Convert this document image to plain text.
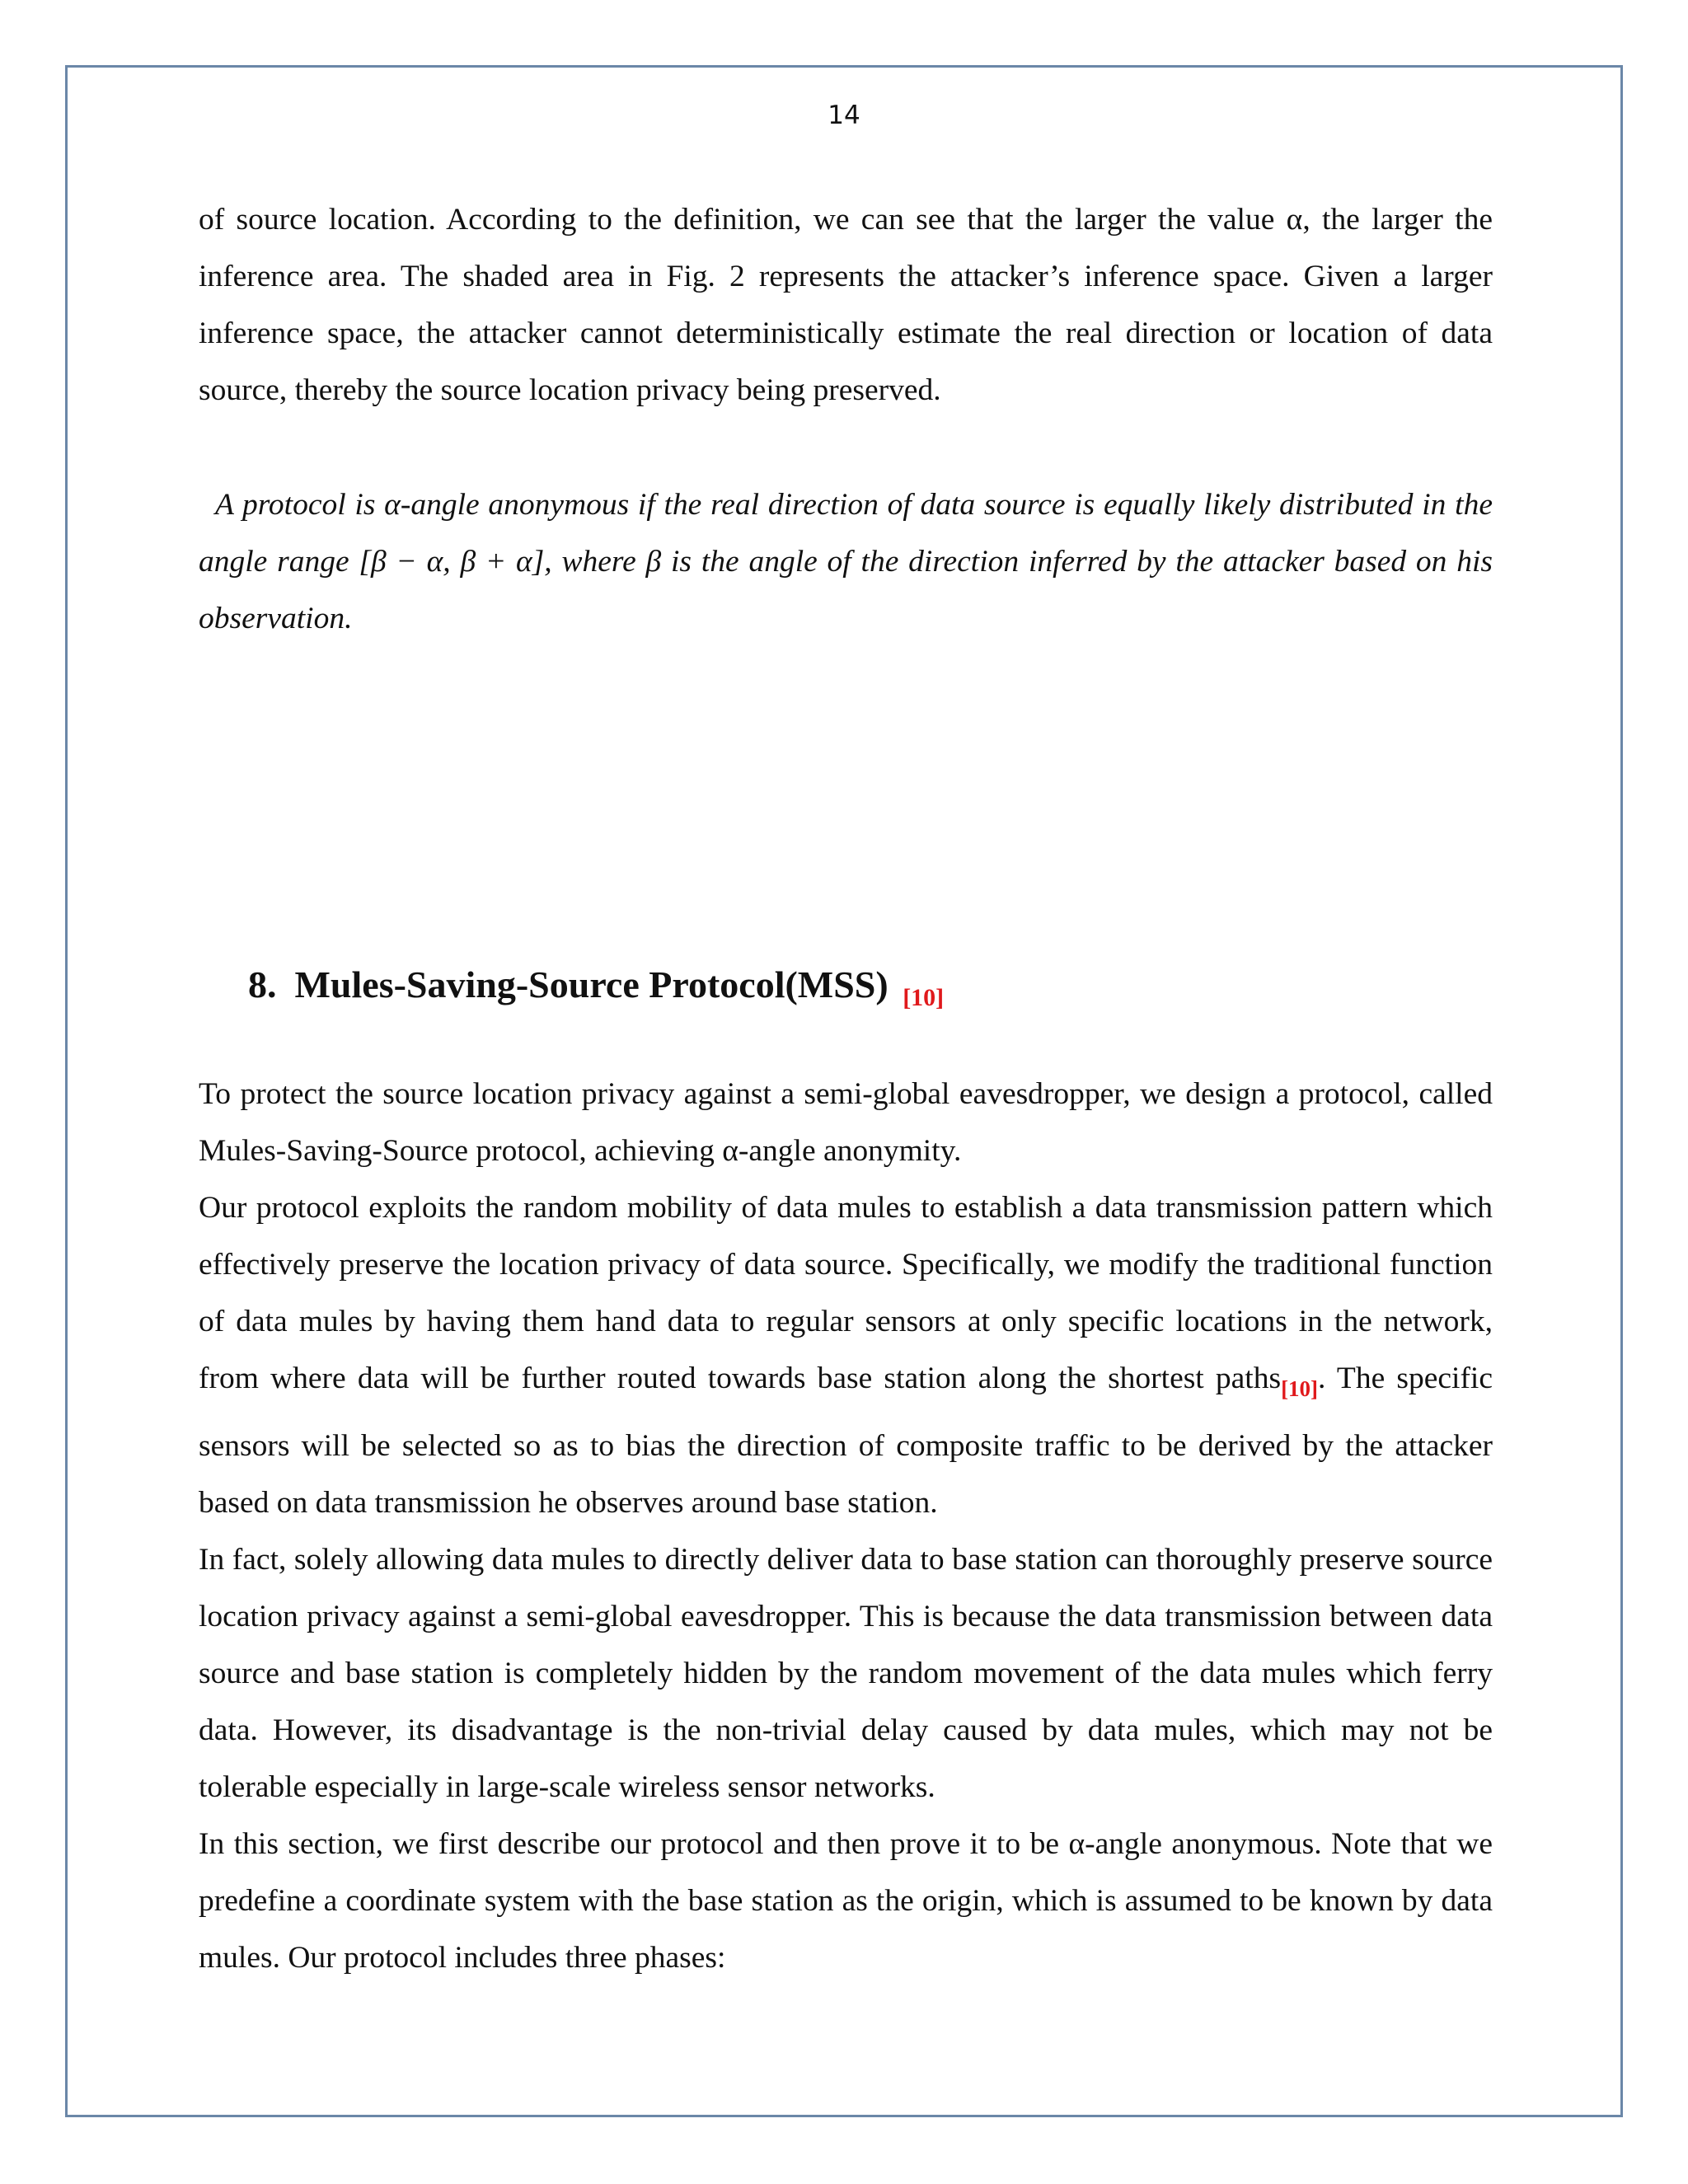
14

of source location. According to the definition, we can see that the larger the value α, the larger the inference area. The shaded area in Fig. 2 represents the attacker’s inference space. Given a larger inference space, the attacker cannot deterministically estimate the real direction or location of data source, thereby the source location privacy being preserved.

A protocol is α-angle anonymous if the real direction of data source is equally likely distributed in the angle range [β − α, β + α], where β is the angle of the direction inferred by the attacker based on his observation.

8. Mules-Saving-Source Protocol(MSS) $_{[10]}$

To protect the source location privacy against a semi-global eavesdropper, we design a protocol, called Mules-Saving-Source protocol, achieving α-angle anonymity.

Our protocol exploits the random mobility of data mules to establish a data transmission pattern which effectively preserve the location privacy of data source. Specifically, we modify the traditional function of data mules by having them hand data to regular sensors at only specific locations in the network, from where data will be further routed towards base station along the shortest paths$_{[10]}$. The specific sensors will be selected so as to bias the direction of composite traffic to be derived by the attacker based on data transmission he observes around base station.

In fact, solely allowing data mules to directly deliver data to base station can thoroughly preserve source location privacy against a semi-global eavesdropper. This is because the data transmission between data source and base station is completely hidden by the random movement of the data mules which ferry data. However, its disadvantage is the non-trivial delay caused by data mules, which may not be tolerable especially in large-scale wireless sensor networks.

In this section, we first describe our protocol and then prove it to be α-angle anonymous. Note that we predefine a coordinate system with the base station as the origin, which is assumed to be known by data mules. Our protocol includes three phases:
